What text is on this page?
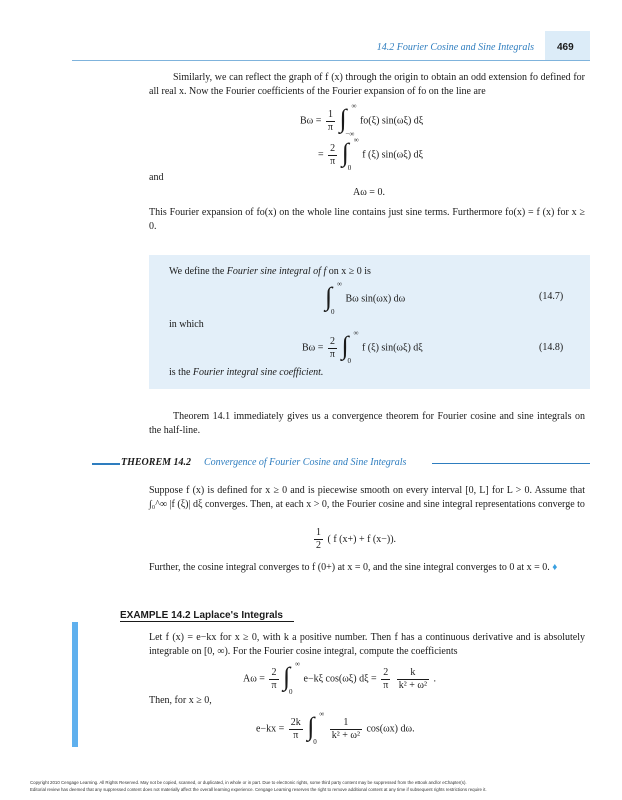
14.2 Fourier Cosine and Sine Integrals 469
Similarly, we can reflect the graph of f (x) through the origin to obtain an odd extension fo defined for all real x. Now the Fourier coefficients of the Fourier expansion of fo on the line are
$B\omega = \frac{1}{\pi}$
∫ ∞
−∞
fo(ξ) sin(ωξ) dξ
= $\frac{2}{\pi}$
∫ ∞
0
f (ξ) sin(ωξ) dξ
and
Aω = 0.
This Fourier expansion of fo(x) on the whole line contains just sine terms. Furthermore fo(x) = f (x) for x ≥ 0.
We define the Fourier sine integral of f on x ≥ 0 is
∫ ∞
0
Bω sin(ωx) dω	(14.7)
in which
$B\omega = \frac{2}{\pi}$
∫ ∞
0
f (ξ) sin(ωξ) dξ	(14.8)
is the Fourier integral sine coefficient.
Theorem 14.1 immediately gives us a convergence theorem for Fourier cosine and sine integrals on the half-line.
THEOREM 14.2 Convergence of Fourier Cosine and Sine Integrals
Suppose f (x) is defined for x ≥ 0 and is piecewise smooth on every interval [0, L] for L > 0. Assume that ∫₀^∞ |f (ξ)| dξ converges. Then, at each x > 0, the Fourier cosine and sine integral representations converge to
$\frac{1}{2}$ ( f (x+) + f (x−)).
Further, the cosine integral converges to f (0+) at x = 0, and the sine integral converges to 0 at x = 0. ♦
EXAMPLE 14.2 Laplace's Integrals
Let f (x) = e−kx for x ≥ 0, with k a positive number. Then f has a continuous derivative and is absolutely integrable on [0, ∞). For the Fourier cosine integral, compute the coefficients
$A\omega = \frac{2}{\pi}$
∫ ∞
0
e−kξ cos(ωξ) $d\xi = \frac{2}{\pi}$
$\frac{k}{\text{k² + ω²}}$ .
Then, for x ≥ 0,
$e-kx = \frac{2k}{\pi}$
∫ ∞
0

$\frac{1}{\text{k² + ω²}} \cos(\omega x)$ dω.
Copyright 2010 Cengage Learning. All Rights Reserved. May not be copied, scanned, or duplicated, in whole or in part. Due to electronic rights, some third party content may be suppressed from the eBook and/or eChapter(s).
Editorial review has deemed that any suppressed content does not materially affect the overall learning experience. Cengage Learning reserves the right to remove additional content at any time if subsequent rights restrictions require it.
